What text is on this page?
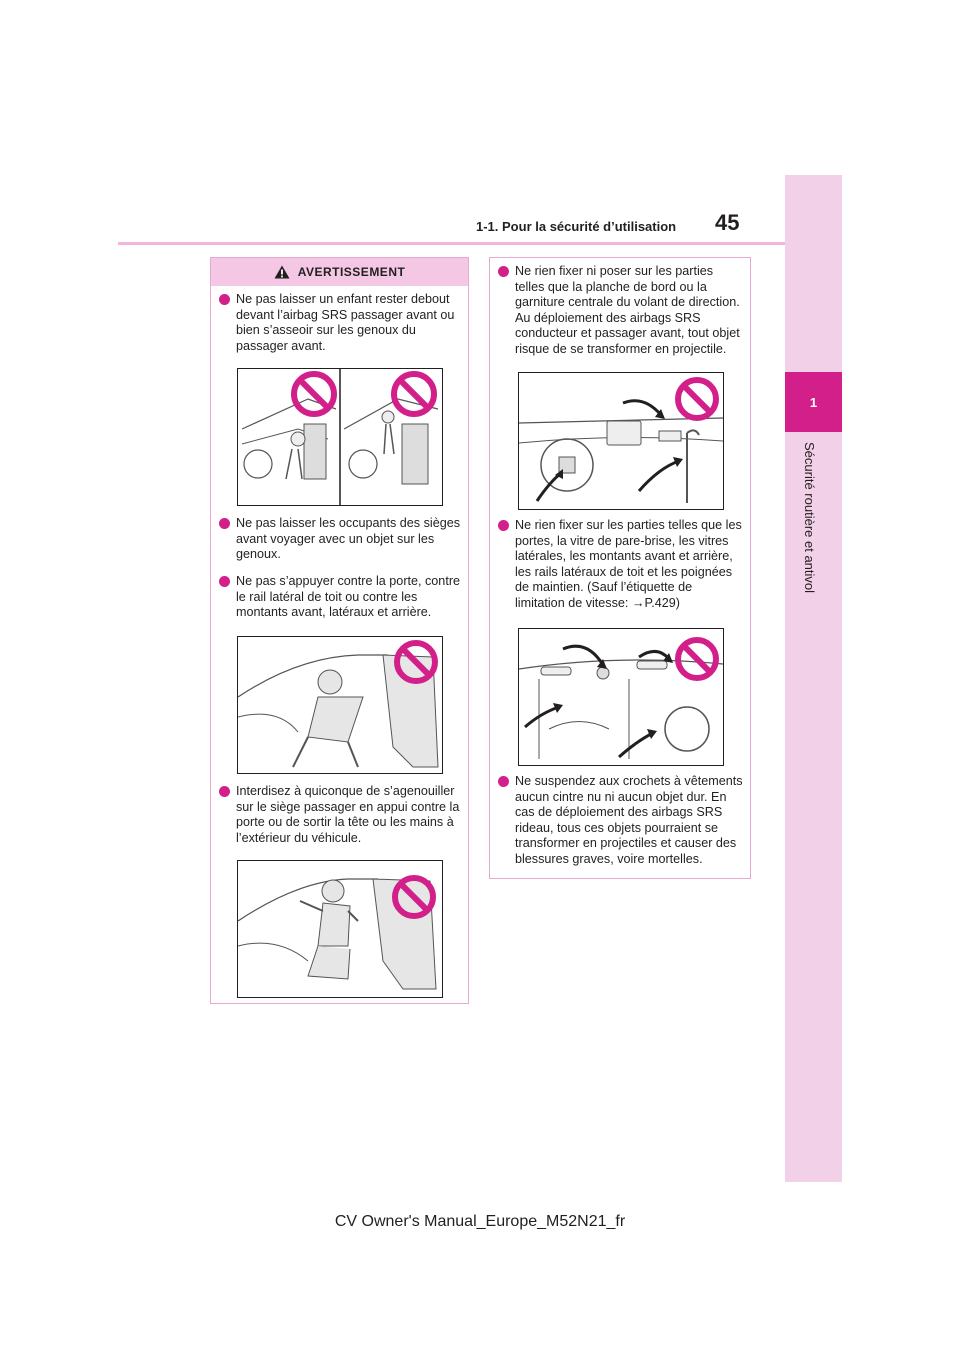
1
Sécurité routière et antivol
1-1. Pour la sécurité d’utilisation 45
AVERTISSEMENT
Ne pas laisser un enfant rester debout devant l’airbag SRS passager avant ou bien s’asseoir sur les genoux du passager avant.
Ne pas laisser les occupants des sièges avant voyager avec un objet sur les genoux.
Ne pas s’appuyer contre la porte, contre le rail latéral de toit ou contre les montants avant, latéraux et arrière.
Interdisez à quiconque de s’agenouiller sur le siège passager en appui contre la porte ou de sortir la tête ou les mains à l’extérieur du véhicule.
Ne rien fixer ni poser sur les parties telles que la planche de bord ou la garniture centrale du volant de direction. Au déploiement des airbags SRS conducteur et passager avant, tout objet risque de se transformer en projectile.
Ne rien fixer sur les parties telles que les portes, la vitre de pare-brise, les vitres latérales, les montants avant et arrière, les rails latéraux de toit et les poignées de maintien. (Sauf l’étiquette de limitation de vitesse: →P.429)
Ne suspendez aux crochets à vêtements aucun cintre nu ni aucun objet dur. En cas de déploiement des airbags SRS rideau, tous ces objets pourraient se transformer en projectiles et causer des blessures graves, voire mortelles.
CV Owner's Manual_Europe_M52N21_fr
